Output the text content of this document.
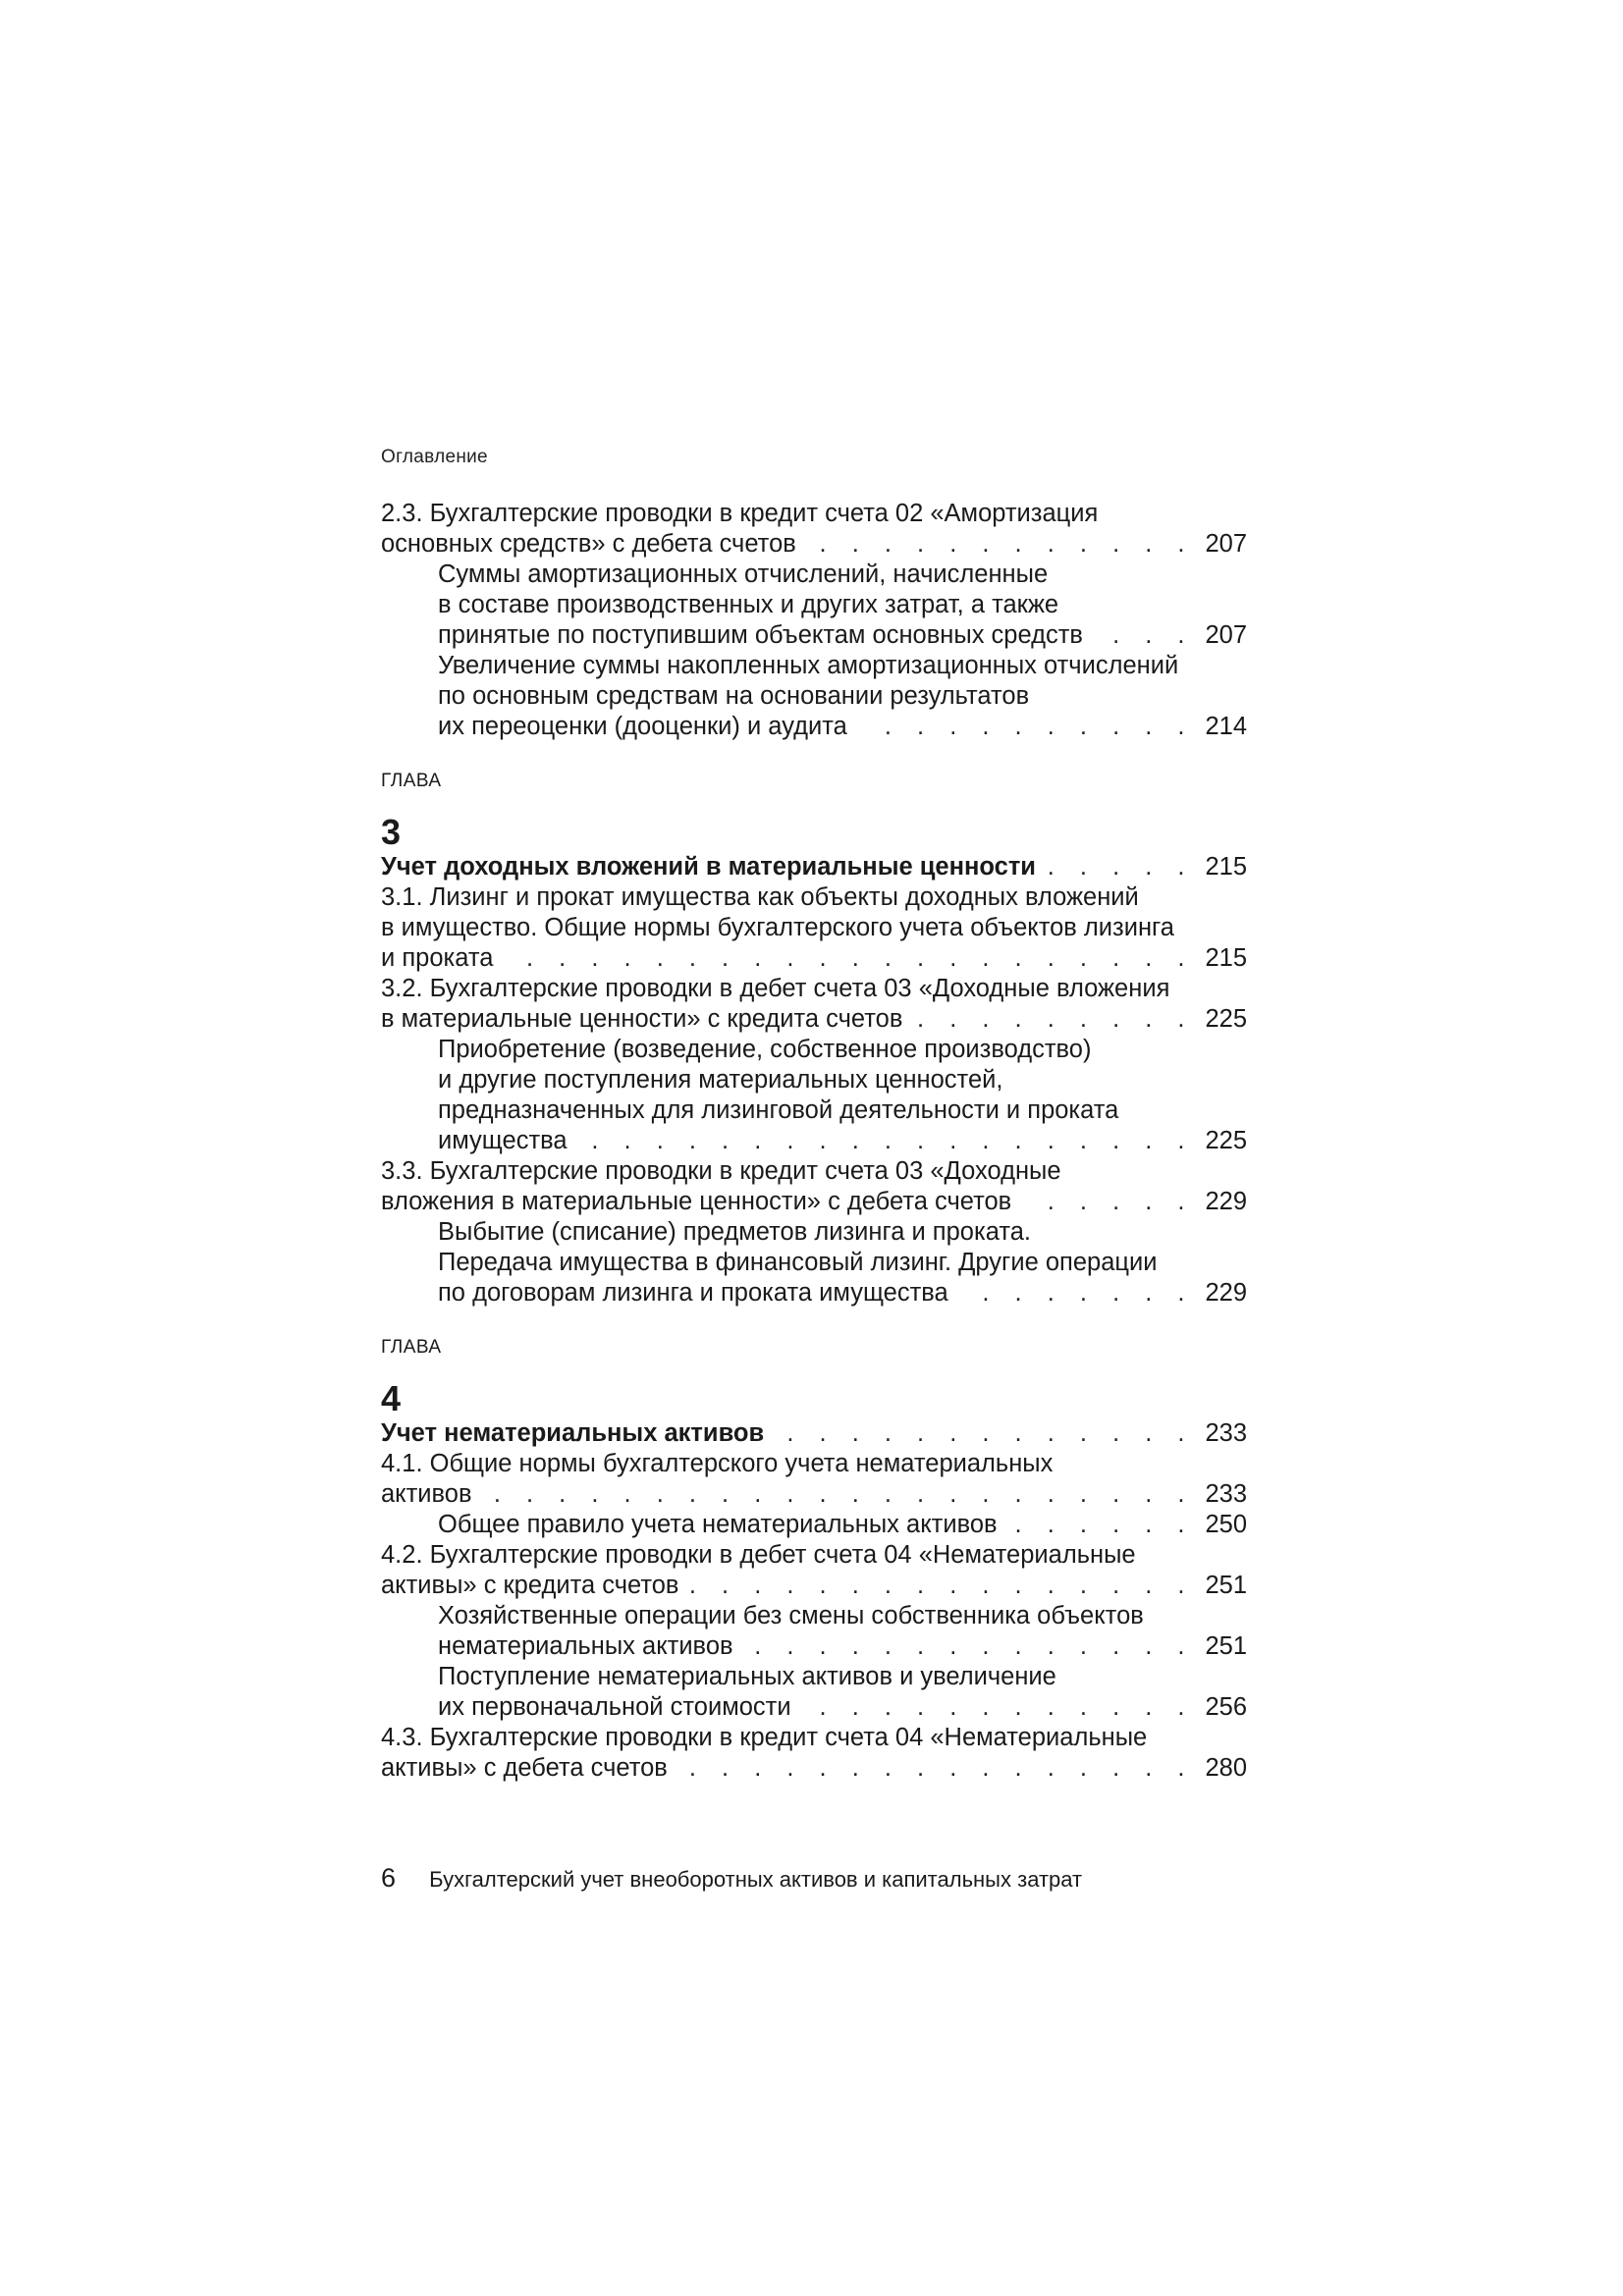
Оглавление
2.3. Бухгалтерские проводки в кредит счета 02 «Амортизация
основных средств» с дебета счетов . . .	207
Суммы амортизационных отчислений, начисленные
в составе производственных и других затрат, а также
принятые по поступившим объектам основных средств . . .	207
Увеличение суммы накопленных амортизационных отчислений
по основным средствам на основании результатов
их переоценки (дооценки) и аудита . . .	214
ГЛАВА
3
Учет доходных вложений в материальные ценности . . .	215
3.1. Лизинг и прокат имущества как объекты доходных вложений
в имущество. Общие нормы бухгалтерского учета объектов лизинга
и проката . . .	215
3.2. Бухгалтерские проводки в дебет счета 03 «Доходные вложения
в материальные ценности» с кредита счетов . . .	225
Приобретение (возведение, собственное производство)
и другие поступления материальных ценностей,
предназначенных для лизинговой деятельности и проката
имущества . . .	225
3.3. Бухгалтерские проводки в кредит счета 03 «Доходные
вложения в материальные ценности» с дебета счетов . . .	229
Выбытие (списание) предметов лизинга и проката.
Передача имущества в финансовый лизинг. Другие операции
по договорам лизинга и проката имущества . . .	229
ГЛАВА
4
Учет нематериальных активов . . .	233
4.1. Общие нормы бухгалтерского учета нематериальных
активов . . .	233
Общее правило учета нематериальных активов . . .	250
4.2. Бухгалтерские проводки в дебет счета 04 «Нематериальные
активы» с кредита счетов . . .	251
Хозяйственные операции без смены собственника объектов
нематериальных активов . . .	251
Поступление нематериальных активов и увеличение
их первоначальной стоимости . . .	256
4.3. Бухгалтерские проводки в кредит счета 04 «Нематериальные
активы» с дебета счетов . . .	280
6 Бухгалтерский учет внеоборотных активов и капитальных затрат
